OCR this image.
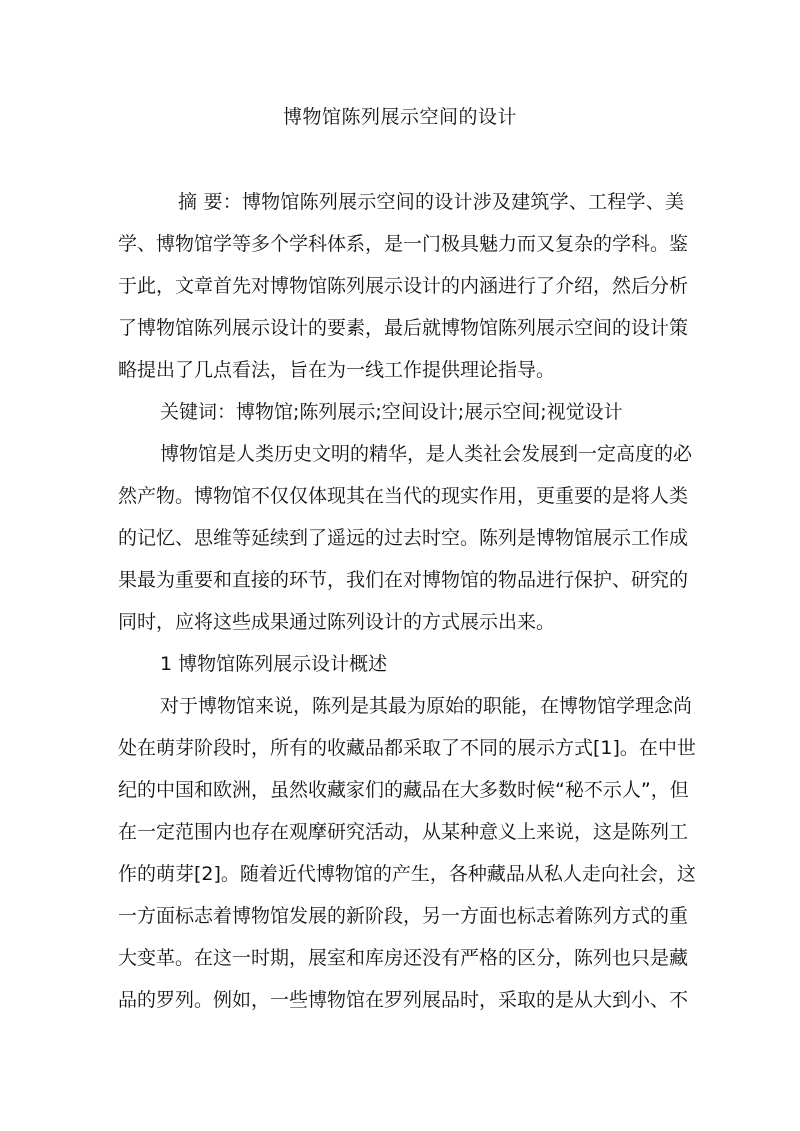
博物馆陈列展示空间的设计
摘 要：博物馆陈列展示空间的设计涉及建筑学、工程学、美
学、博物馆学等多个学科体系，是一门极具魅力而又复杂的学科。鉴
于此，文章首先对博物馆陈列展示设计的内涵进行了介绍，然后分析
了博物馆陈列展示设计的要素，最后就博物馆陈列展示空间的设计策
略提出了几点看法，旨在为一线工作提供理论指导。
关键词：博物馆;陈列展示;空间设计;展示空间;视觉设计
博物馆是人类历史文明的精华，是人类社会发展到一定高度的必
然产物。博物馆不仅仅体现其在当代的现实作用，更重要的是将人类
的记忆、思维等延续到了遥远的过去时空。陈列是博物馆展示工作成
果最为重要和直接的环节，我们在对博物馆的物品进行保护、研究的
同时，应将这些成果通过陈列设计的方式展示出来。
1 博物馆陈列展示设计概述
对于博物馆来说，陈列是其最为原始的职能，在博物馆学理念尚
处在萌芽阶段时，所有的收藏品都采取了不同的展示方式[1]。在中世
纪的中国和欧洲，虽然收藏家们的藏品在大多数时候“秘不示人”，但
在一定范围内也存在观摩研究活动，从某种意义上来说，这是陈列工
作的萌芽[2]。随着近代博物馆的产生，各种藏品从私人走向社会，这
一方面标志着博物馆发展的新阶段，另一方面也标志着陈列方式的重
大变革。在这一时期，展室和库房还没有严格的区分，陈列也只是藏
品的罗列。例如，一些博物馆在罗列展品时，采取的是从大到小、不
